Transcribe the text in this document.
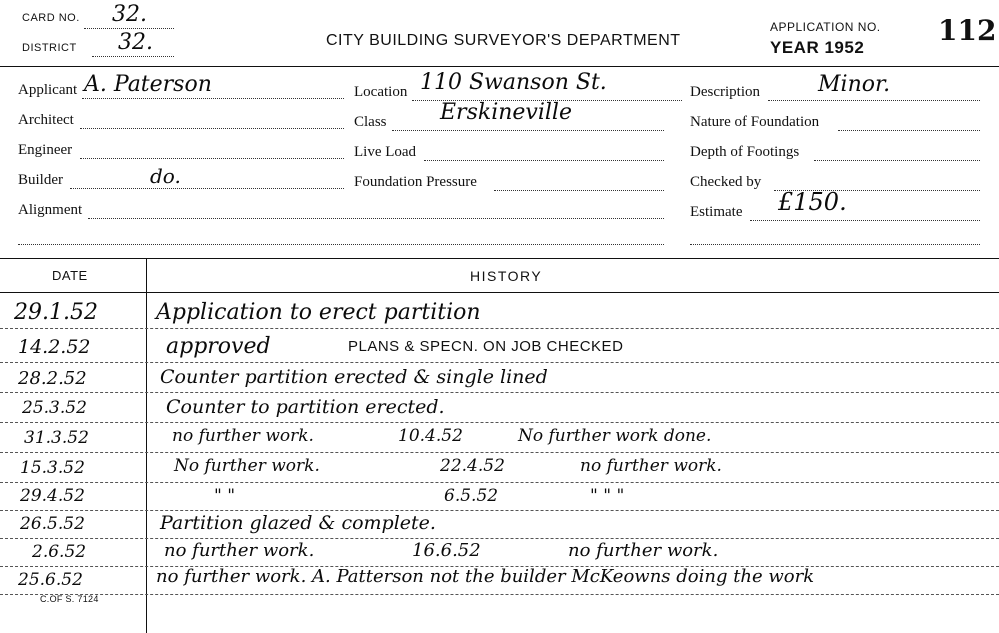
CARD NO. 32.
DISTRICT 32.	CITY BUILDING SURVEYOR'S DEPARTMENT
APPLICATION NO. 112
YEAR 1952
Applicant A. Paterson
Architect
Engineer
Builder	do.
Alignment
Location 110 Swanson St.
Class Erskineville
Live Load
Foundation Pressure
Description	Minor.
Nature of Foundation
Depth of Footings
Checked by
Estimate £150.
DATE	HISTORY
29.1.52	Application to erect partition
14.2.52	approved	PLANS & SPECN. ON JOB CHECKED
28.2.52	Counter partition erected & single lined
25.3.52	Counter to partition erected.
31.3.52	no further work.	10.4.52	No further work done.
15.3.52	No further work.	22.4.52	no further work.
29.4.52	" "	6.5.52	" " "
26.5.52	Partition glazed & complete.
2.6.52	no further work.	16.6.52	no further work.
25.6.52	no further work. A. Patterson not the builder McKeowns doing the work
C.OF S. 7124
